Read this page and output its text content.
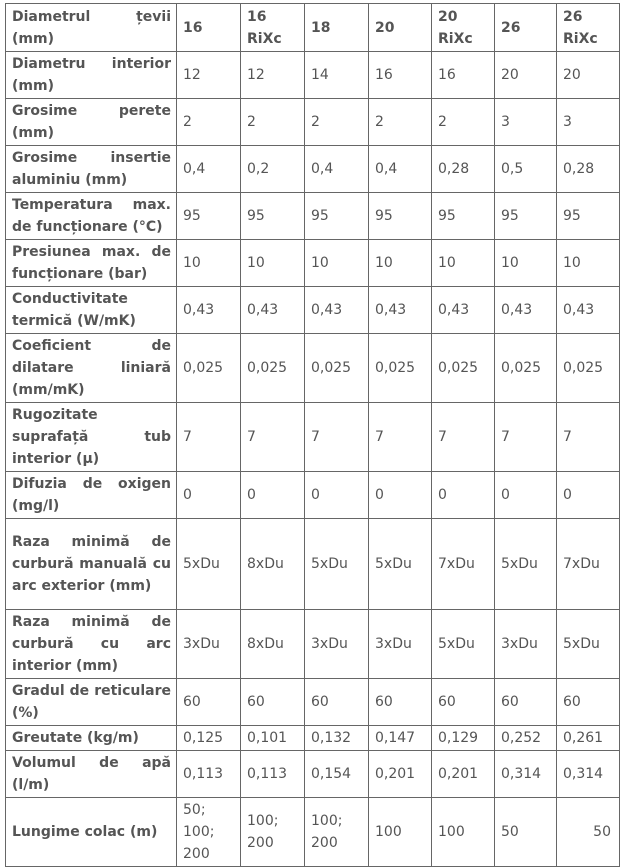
Diametrul țevii (mm)	16	16 RiXc	18	20	20 RiXc	26	26 RiXc
Diametru interior (mm)	12	12	14	16	16	20	20
Grosime perete (mm)	2	2	2	2	2	3	3
Grosime insertie aluminiu (mm)	0,4	0,2	0,4	0,4	0,28	0,5	0,28
Temperatura max. de funcționare (°C)	95	95	95	95	95	95	95
Presiunea max. de funcționare (bar)	10	10	10	10	10	10	10
Conductivitate termică (W/mK)	0,43	0,43	0,43	0,43	0,43	0,43	0,43
Coeficient de dilatare liniară (mm/mK)	0,025	0,025	0,025	0,025	0,025	0,025	0,025
Rugozitate suprafață tub interior (µ)	7	7	7	7	7	7	7
Difuzia de oxigen (mg/l)	0	0	0	0	0	0	0
Raza minimă de curbură manuală cu arc exterior (mm)	5xDu	8xDu	5xDu	5xDu	7xDu	5xDu	7xDu
Raza minimă de curbură cu arc interior (mm)	3xDu	8xDu	3xDu	3xDu	5xDu	3xDu	5xDu
Gradul de reticulare (%)	60	60	60	60	60	60	60
Greutate (kg/m)	0,125	0,101	0,132	0,147	0,129	0,252	0,261
Volumul de apă (l/m)	0,113	0,113	0,154	0,201	0,201	0,314	0,314
Lungime colac (m)	50; 100; 200	100; 200	100; 200	100	100	50	50
